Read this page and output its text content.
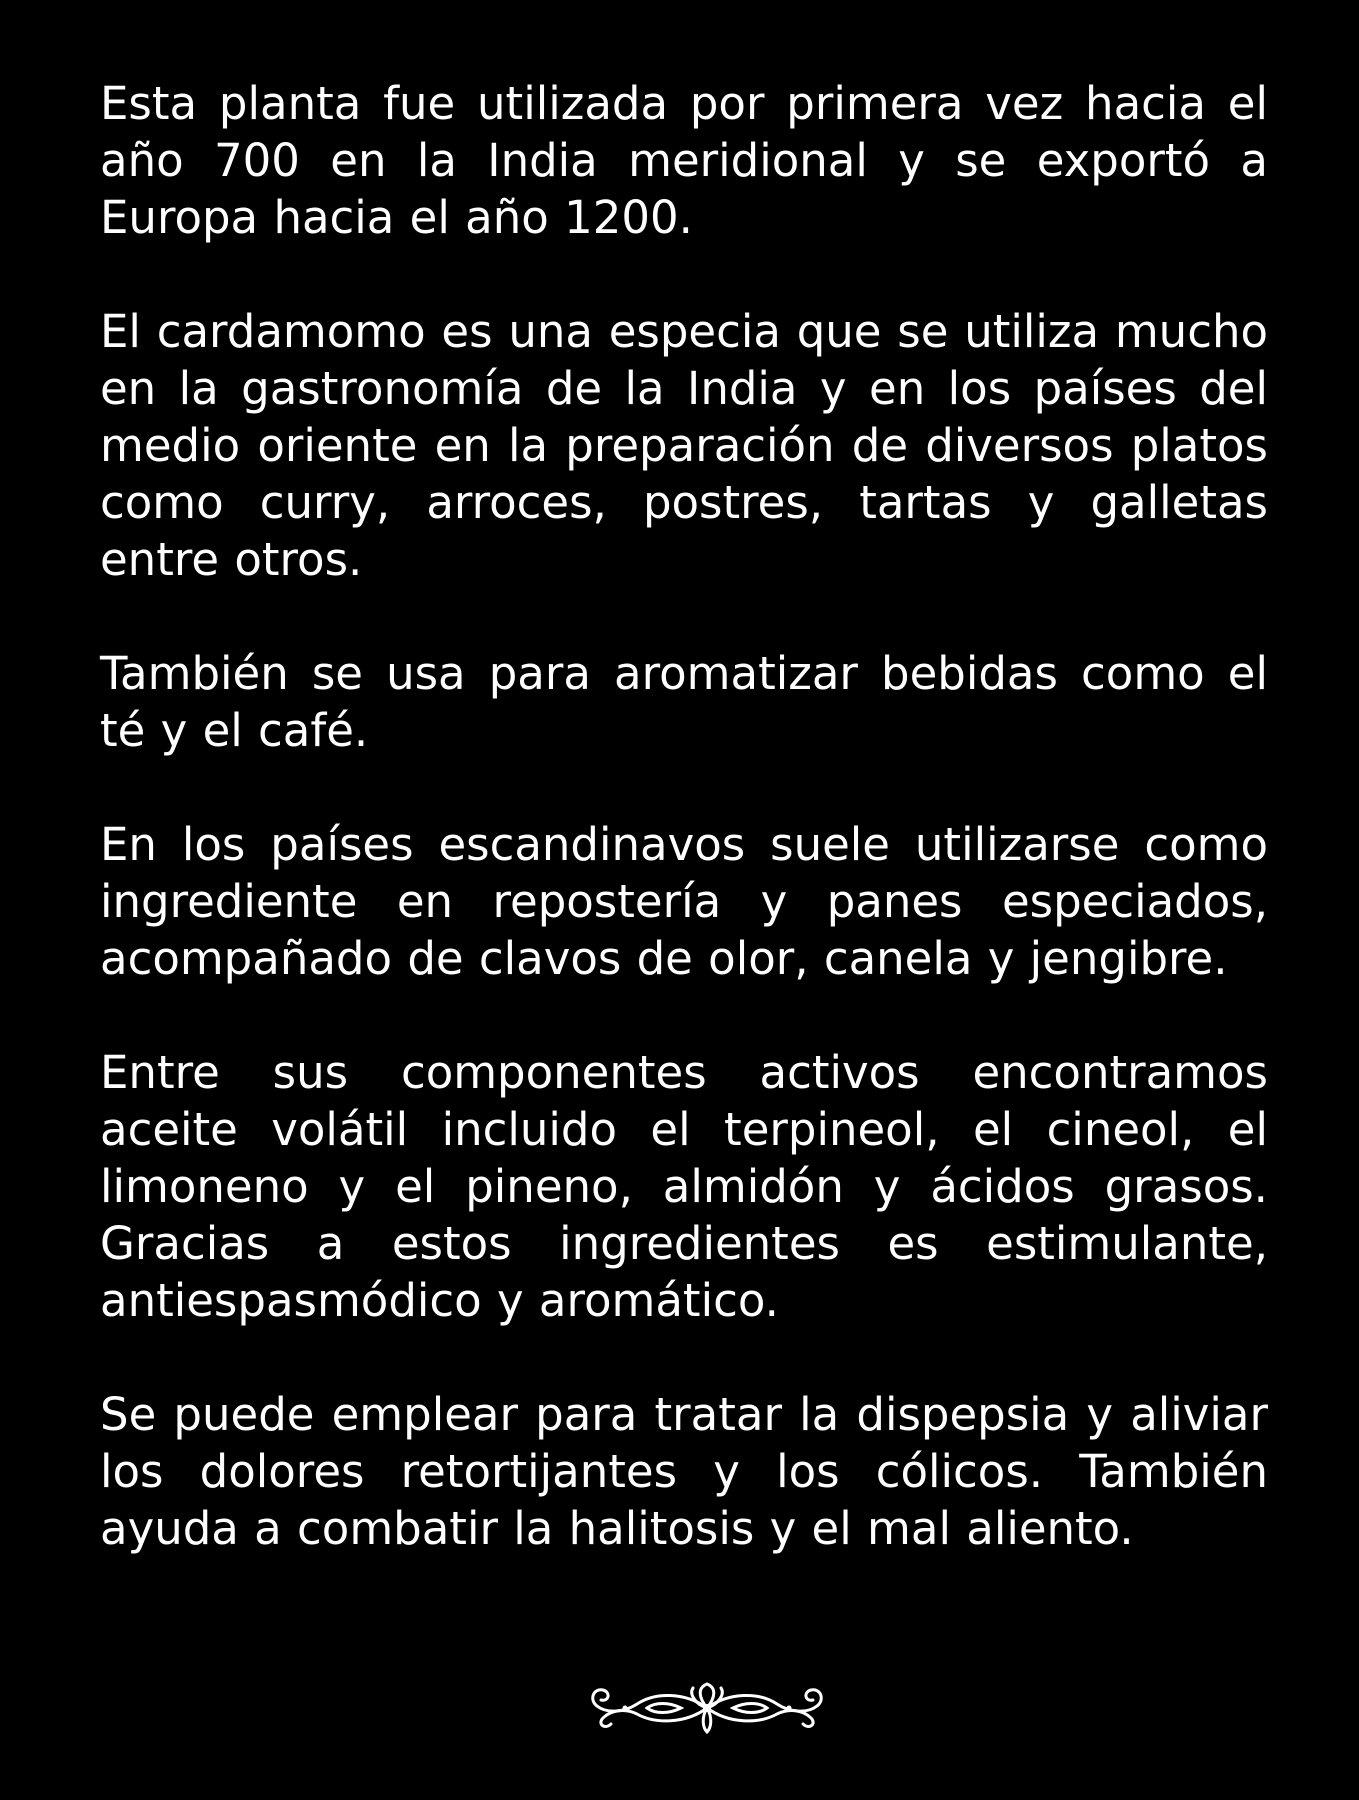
Esta planta fue utilizada por primera vez hacia el año 700 en la India meridional y se exportó a Europa hacia el año 1200.

El cardamomo es una especia que se utiliza mucho en la gastronomía de la India y en los países del medio oriente en la preparación de diversos platos como curry, arroces, postres, tartas y galletas entre otros.

También se usa para aromatizar bebidas como el té y el café.

En los países escandinavos suele utilizarse como ingrediente en repostería y panes especiados, acompañado de clavos de olor, canela y jengibre.

Entre sus componentes activos encontramos aceite volátil incluido el terpineol, el cineol, el limoneno y el pineno, almidón y ácidos grasos. Gracias a estos ingredientes es estimulante, antiespasmódico y aromático.

Se puede emplear para tratar la dispepsia y aliviar los dolores retortijantes y los cólicos. También ayuda a combatir la halitosis y el mal aliento.
